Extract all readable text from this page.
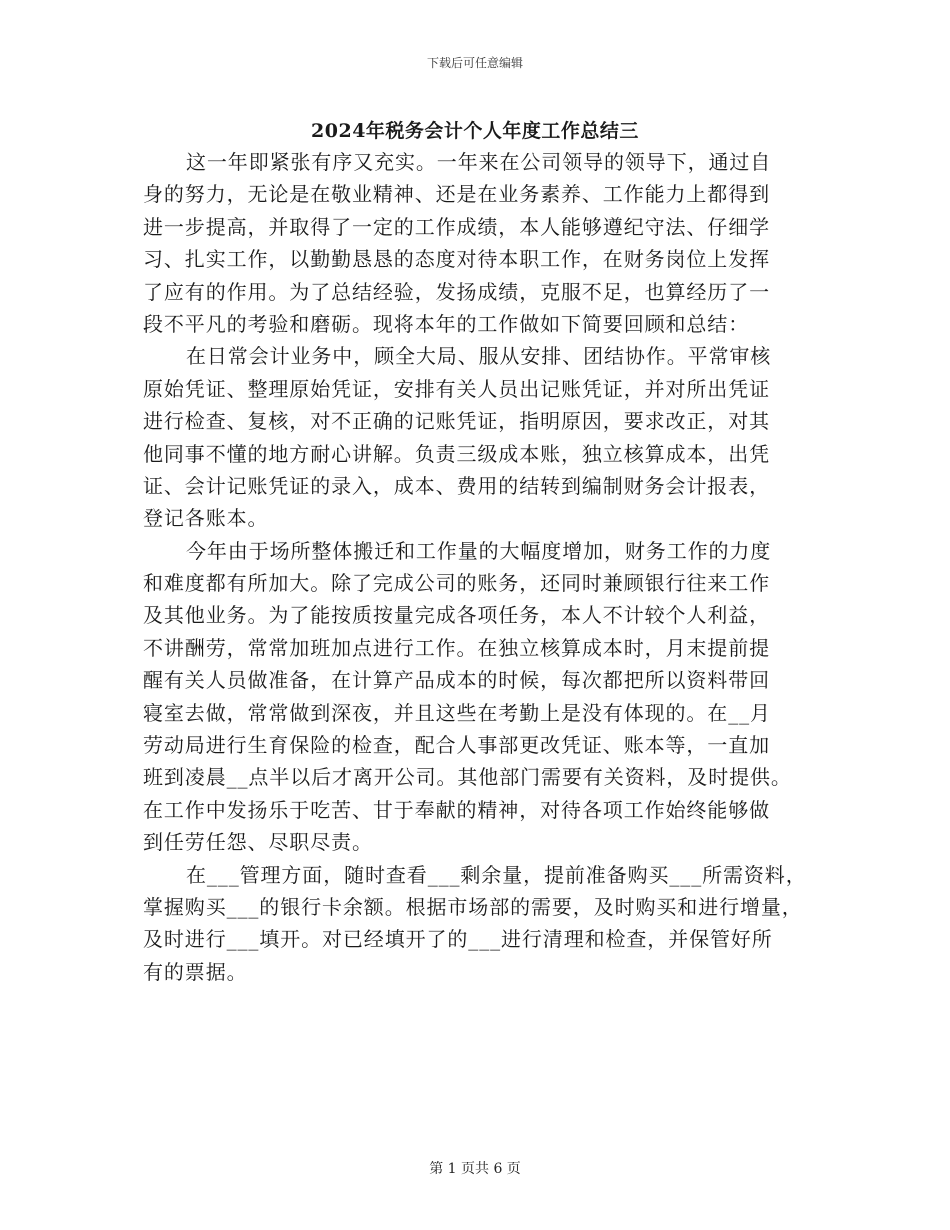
下载后可任意编辑
2024年税务会计个人年度工作总结三
这一年即紧张有序又充实。一年来在公司领导的领导下，通过自
身的努力，无论是在敬业精神、还是在业务素养、工作能力上都得到
进一步提高，并取得了一定的工作成绩，本人能够遵纪守法、仔细学
习、扎实工作，以勤勤恳恳的态度对待本职工作，在财务岗位上发挥
了应有的作用。为了总结经验，发扬成绩，克服不足，也算经历了一
段不平凡的考验和磨砺。现将本年的工作做如下简要回顾和总结：
在日常会计业务中，顾全大局、服从安排、团结协作。平常审核
原始凭证、整理原始凭证，安排有关人员出记账凭证，并对所出凭证
进行检查、复核，对不正确的记账凭证，指明原因，要求改正，对其
他同事不懂的地方耐心讲解。负责三级成本账，独立核算成本，出凭
证、会计记账凭证的录入，成本、费用的结转到编制财务会计报表，
登记各账本。
今年由于场所整体搬迁和工作量的大幅度增加，财务工作的力度
和难度都有所加大。除了完成公司的账务，还同时兼顾银行往来工作
及其他业务。为了能按质按量完成各项任务，本人不计较个人利益，
不讲酬劳，常常加班加点进行工作。在独立核算成本时，月末提前提
醒有关人员做准备，在计算产品成本的时候，每次都把所以资料带回
寝室去做，常常做到深夜，并且这些在考勤上是没有体现的。在__月
劳动局进行生育保险的检查，配合人事部更改凭证、账本等，一直加
班到凌晨__点半以后才离开公司。其他部门需要有关资料，及时提供。
在工作中发扬乐于吃苦、甘于奉献的精神，对待各项工作始终能够做
到任劳任怨、尽职尽责。
在___管理方面，随时查看___剩余量，提前准备购买___所需资料，
掌握购买___的银行卡余额。根据市场部的需要，及时购买和进行增量，
及时进行___填开。对已经填开了的___进行清理和检查，并保管好所
有的票据。
第 1 页共 6 页
